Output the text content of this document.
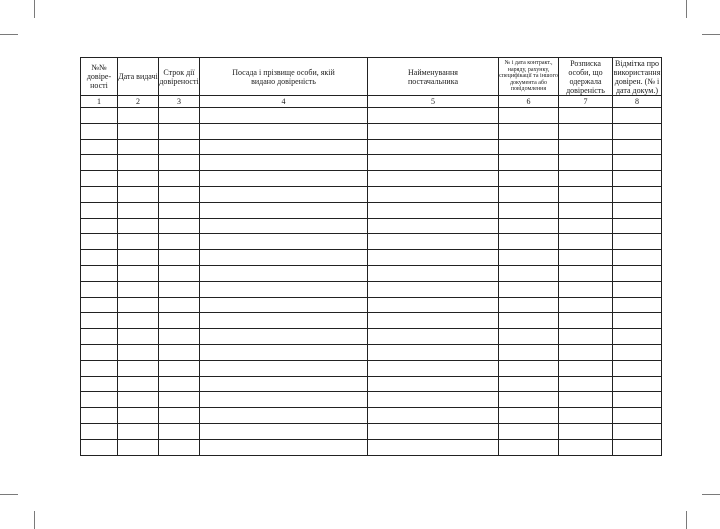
№№ довіре-ності	Дата видачі	Строк дії довіреності	Посада і прізвище особи, якій видано довіреність	Найменування постачальника	№ і дата контракт., наряду, рахунку, специфікації та іншого документа або повідомлення	Розписка особи, що одержала довіреність	Відмітка про використання довірен. (№ і дата докум.)
1	2	3	4	5	6	7	8
